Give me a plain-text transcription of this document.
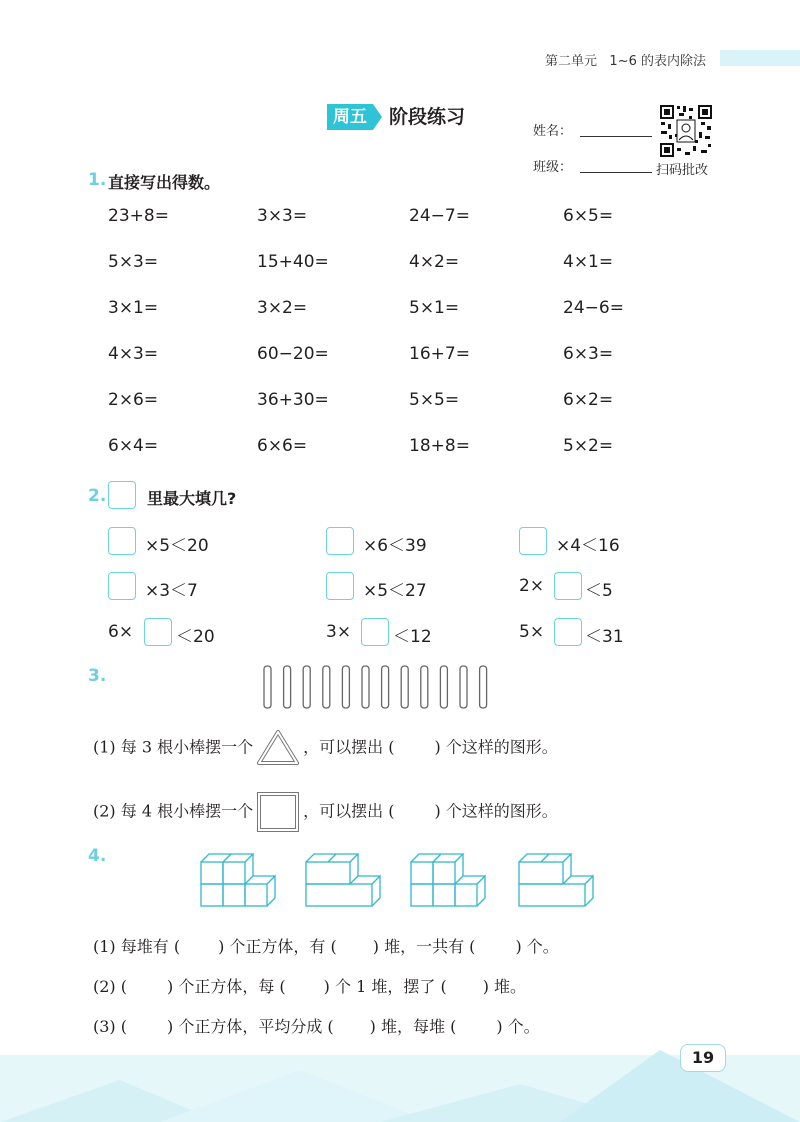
第二单元 1~6 的表内除法
周五	阶段练习
姓名：
班级：	扫码批改
1. 直接写出得数。
23+8=	3×3=	24−7=	6×5=
5×3=	15+40=	4×2=	4×1=
3×1=	3×2=	5×1=	24−6=
4×3=	60−20=	16+7=	6×3=
2×6=	36+30=	5×5=	6×2=
6×4=	6×6=	18+8=	5×2=
2.	里最大填几?
×5＜20	×6＜39	×4＜16
×3＜7	×5＜27	2× ＜5
6×	＜20	3× ＜12	5× ＜31
3.
(1) 每 3 根小棒摆一个	，可以摆出 (	) 个这样的图形。
(2) 每 4 根小棒摆一个	，可以摆出 (	) 个这样的图形。
4.
(1) 每堆有 ( ) 个正方体，有 ( ) 堆，一共有 (	) 个。
(2) (	) 个正方体，每 ( ) 个 1 堆，摆了 ( ) 堆。
(3) (	) 个正方体，平均分成 ( ) 堆，每堆 (	) 个。
19
